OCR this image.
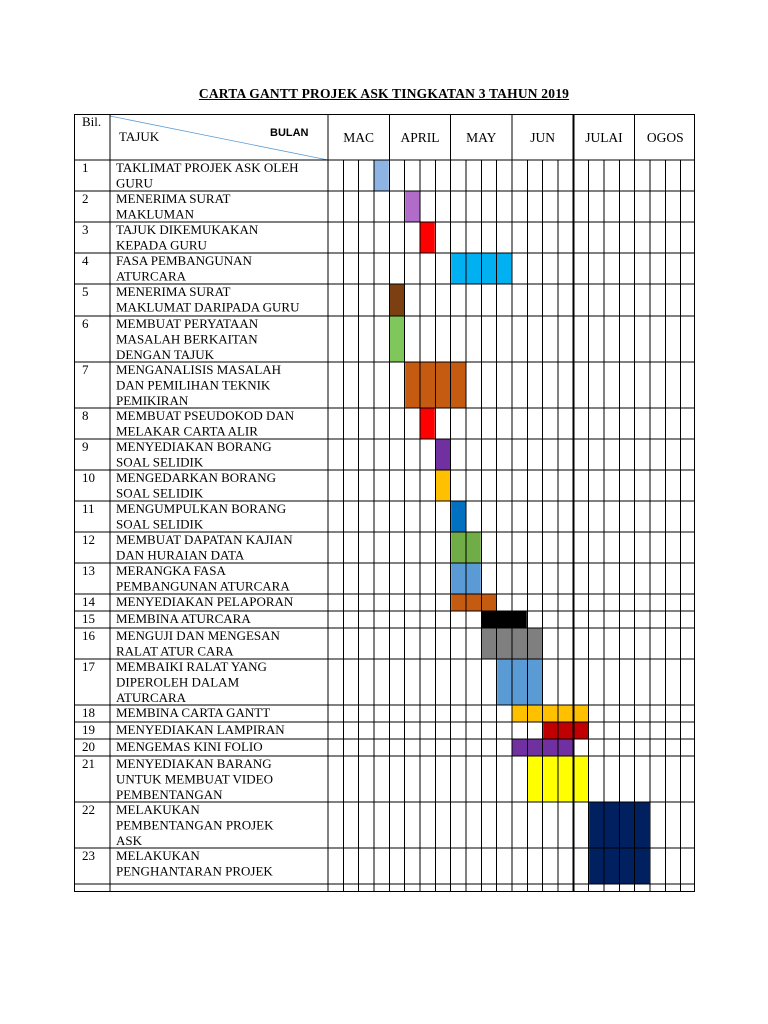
CARTA GANTT PROJEK ASK TINGKATAN 3 TAHUN 2019
Bil.
TAJUK	BULAN	MAC APRIL MAY	JUN JULAI OGOS
1 TAKLIMAT PROJEK ASK OLEH
GURU
2 MENERIMA SURAT
MAKLUMAN
3 TAJUK DIKEMUKAKAN
KEPADA GURU
4 FASA PEMBANGUNAN
ATURCARA
5 MENERIMA SURAT
MAKLUMAT DARIPADA GURU
6 MEMBUAT PERYATAAN
MASALAH BERKAITAN
DENGAN TAJUK
7 MENGANALISIS MASALAH
DAN PEMILIHAN TEKNIK
PEMIKIRAN
8 MEMBUAT PSEUDOKOD DAN
MELAKAR CARTA ALIR
9 MENYEDIAKAN BORANG
SOAL SELIDIK
10 MENGEDARKAN BORANG
SOAL SELIDIK
11 MENGUMPULKAN BORANG
SOAL SELIDIK
12 MEMBUAT DAPATAN KAJIAN
DAN HURAIAN DATA
13 MERANGKA FASA
PEMBANGUNAN ATURCARA
14 MENYEDIAKAN PELAPORAN
15 MEMBINA ATURCARA
16 MENGUJI DAN MENGESAN
RALAT ATUR CARA
17 MEMBAIKI RALAT YANG
DIPEROLEH DALAM
ATURCARA
18 MEMBINA CARTA GANTT
19 MENYEDIAKAN LAMPIRAN
20 MENGEMAS KINI FOLIO
21 MENYEDIAKAN BARANG
UNTUK MEMBUAT VIDEO
PEMBENTANGAN
22 MELAKUKAN
PEMBENTANGAN PROJEK
ASK
23 MELAKUKAN
PENGHANTARAN PROJEK
